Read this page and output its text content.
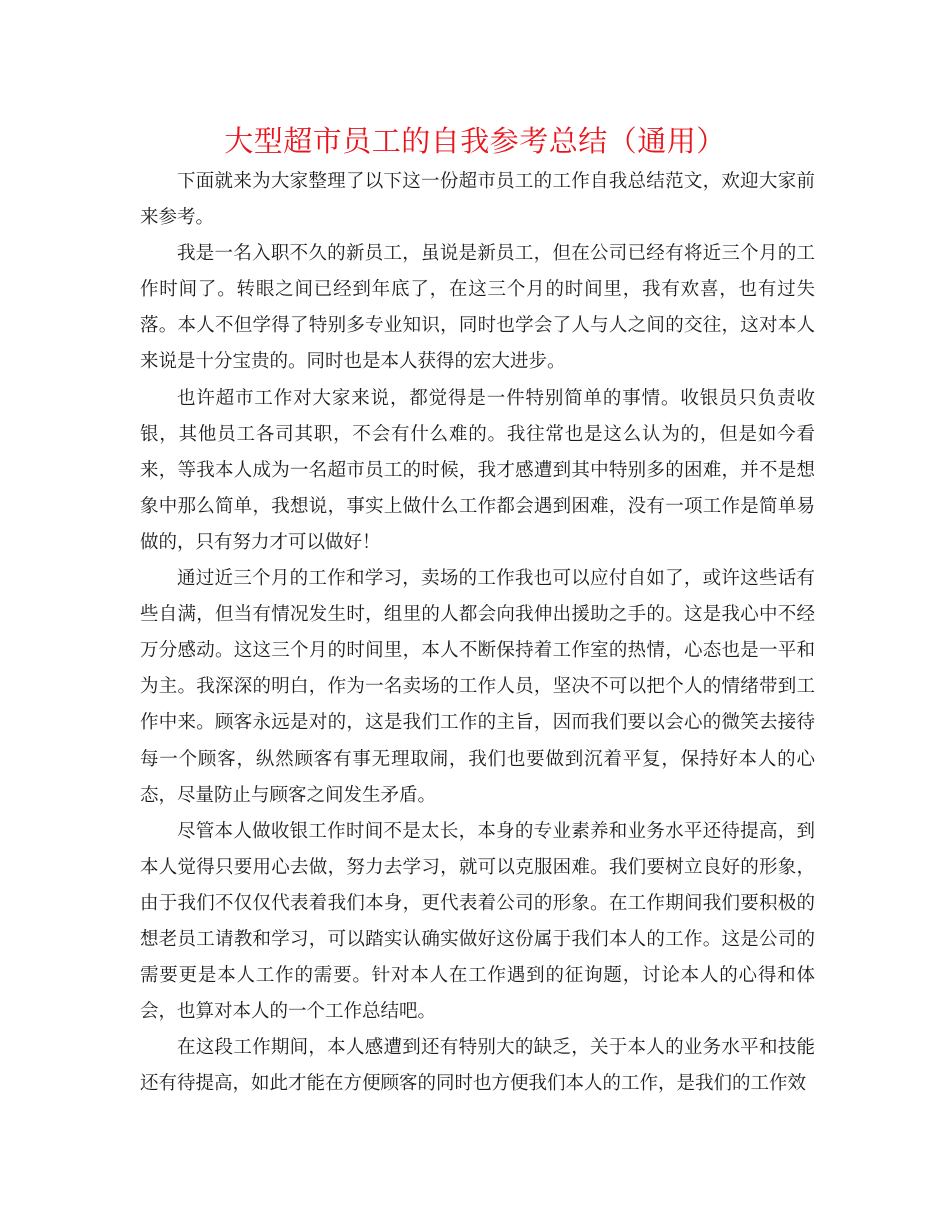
大型超市员工的自我参考总结（通用）

下面就来为大家整理了以下这一份超市员工的工作自我总结范文，欢迎大家前来参考。

我是一名入职不久的新员工，虽说是新员工，但在公司已经有将近三个月的工作时间了。转眼之间已经到年底了，在这三个月的时间里，我有欢喜，也有过失落。本人不但学得了特别多专业知识，同时也学会了人与人之间的交往，这对本人来说是十分宝贵的。同时也是本人获得的宏大进步。

也许超市工作对大家来说，都觉得是一件特别简单的事情。收银员只负责收银，其他员工各司其职，不会有什么难的。我往常也是这么认为的，但是如今看来，等我本人成为一名超市员工的时候，我才感遭到其中特别多的困难，并不是想象中那么简单，我想说，事实上做什么工作都会遇到困难，没有一项工作是简单易做的，只有努力才可以做好！

通过近三个月的工作和学习，卖场的工作我也可以应付自如了，或许这些话有些自满，但当有情况发生时，组里的人都会向我伸出援助之手的。这是我心中不经万分感动。这这三个月的时间里，本人不断保持着工作室的热情，心态也是一平和为主。我深深的明白，作为一名卖场的工作人员，坚决不可以把个人的情绪带到工作中来。顾客永远是对的，这是我们工作的主旨，因而我们要以会心的微笑去接待每一个顾客，纵然顾客有事无理取闹，我们也要做到沉着平复，保持好本人的心态，尽量防止与顾客之间发生矛盾。

尽管本人做收银工作时间不是太长，本身的专业素养和业务水平还待提高，到本人觉得只要用心去做，努力去学习，就可以克服困难。我们要树立良好的形象，由于我们不仅仅代表着我们本身，更代表着公司的形象。在工作期间我们要积极的想老员工请教和学习，可以踏实认确实做好这份属于我们本人的工作。这是公司的需要更是本人工作的需要。针对本人在工作遇到的征询题，讨论本人的心得和体会，也算对本人的一个工作总结吧。

在这段工作期间，本人感遭到还有特别大的缺乏，关于本人的业务水平和技能还有待提高，如此才能在方便顾客的同时也方便我们本人的工作，是我们的工作效
